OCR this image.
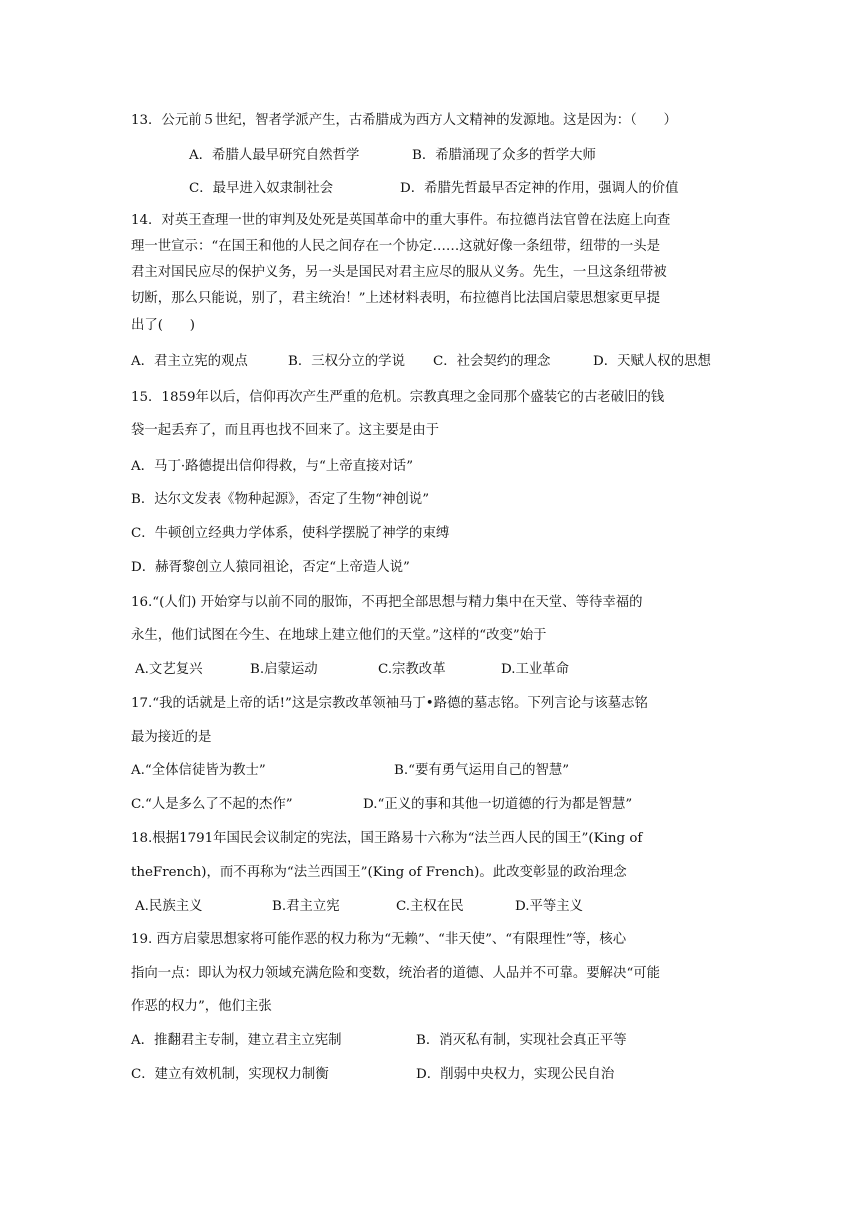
13．公元前５世纪，智者学派产生，古希腊成为西方人文精神的发源地。这是因为：（　　）
A．希腊人最早研究自然哲学	B．希腊涌现了众多的哲学大师
C．最早进入奴隶制社会	D．希腊先哲最早否定神的作用，强调人的价值
14．对英王查理一世的审判及处死是英国革命中的重大事件。布拉德肖法官曾在法庭上向查
理一世宣示：“在国王和他的人民之间存在一个协定……这就好像一条纽带，纽带的一头是
君主对国民应尽的保护义务，另一头是国民对君主应尽的服从义务。先生，一旦这条纽带被
切断，那么只能说，别了，君主统治！”上述材料表明，布拉德肖比法国启蒙思想家更早提
出了(　　)
A．君主立宪的观点	B．三权分立的学说 C．社会契约的理念	D．天赋人权的思想
15．1859年以后，信仰再次产生严重的危机。宗教真理之金同那个盛装它的古老破旧的钱
袋一起丢弃了，而且再也找不回来了。这主要是由于
A．马丁·路德提出信仰得救，与“上帝直接对话”
B．达尔文发表《物种起源》，否定了生物“神创说”
C．牛顿创立经典力学体系，使科学摆脱了神学的束缚
D．赫胥黎创立人猿同祖论，否定“上帝造人说”
16.“(人们) 开始穿与以前不同的服饰，不再把全部思想与精力集中在天堂、等待幸福的
永生，他们试图在今生、在地球上建立他们的天堂。”这样的“改变”始于
A.文艺复兴	B.启蒙运动	C.宗教改革	D.工业革命
17.“我的话就是上帝的话!”这是宗教改革领袖马丁•路德的墓志铭。下列言论与该墓志铭
最为接近的是
A.“全体信徒皆为教士”	B.“要有勇气运用自己的智慧”
C.“人是多么了不起的杰作”	D.“正义的事和其他一切道德的行为都是智慧”
18.根据1791年国民会议制定的宪法，国王路易十六称为“法兰西人民的国王”(King of
theFrench)，而不再称为“法兰西国王”(King of French)。此改变彰显的政治理念
A.民族主义	B.君主立宪	C.主权在民	D.平等主义
19. 西方启蒙思想家将可能作恶的权力称为“无赖”、“非天使”、“有限理性”等，核心
指向一点：即认为权力领域充满危险和变数，统治者的道德、人品并不可靠。要解决“可能
作恶的权力”，他们主张
A．推翻君主专制，建立君主立宪制	B．消灭私有制，实现社会真正平等
C．建立有效机制，实现权力制衡	D．削弱中央权力，实现公民自治
